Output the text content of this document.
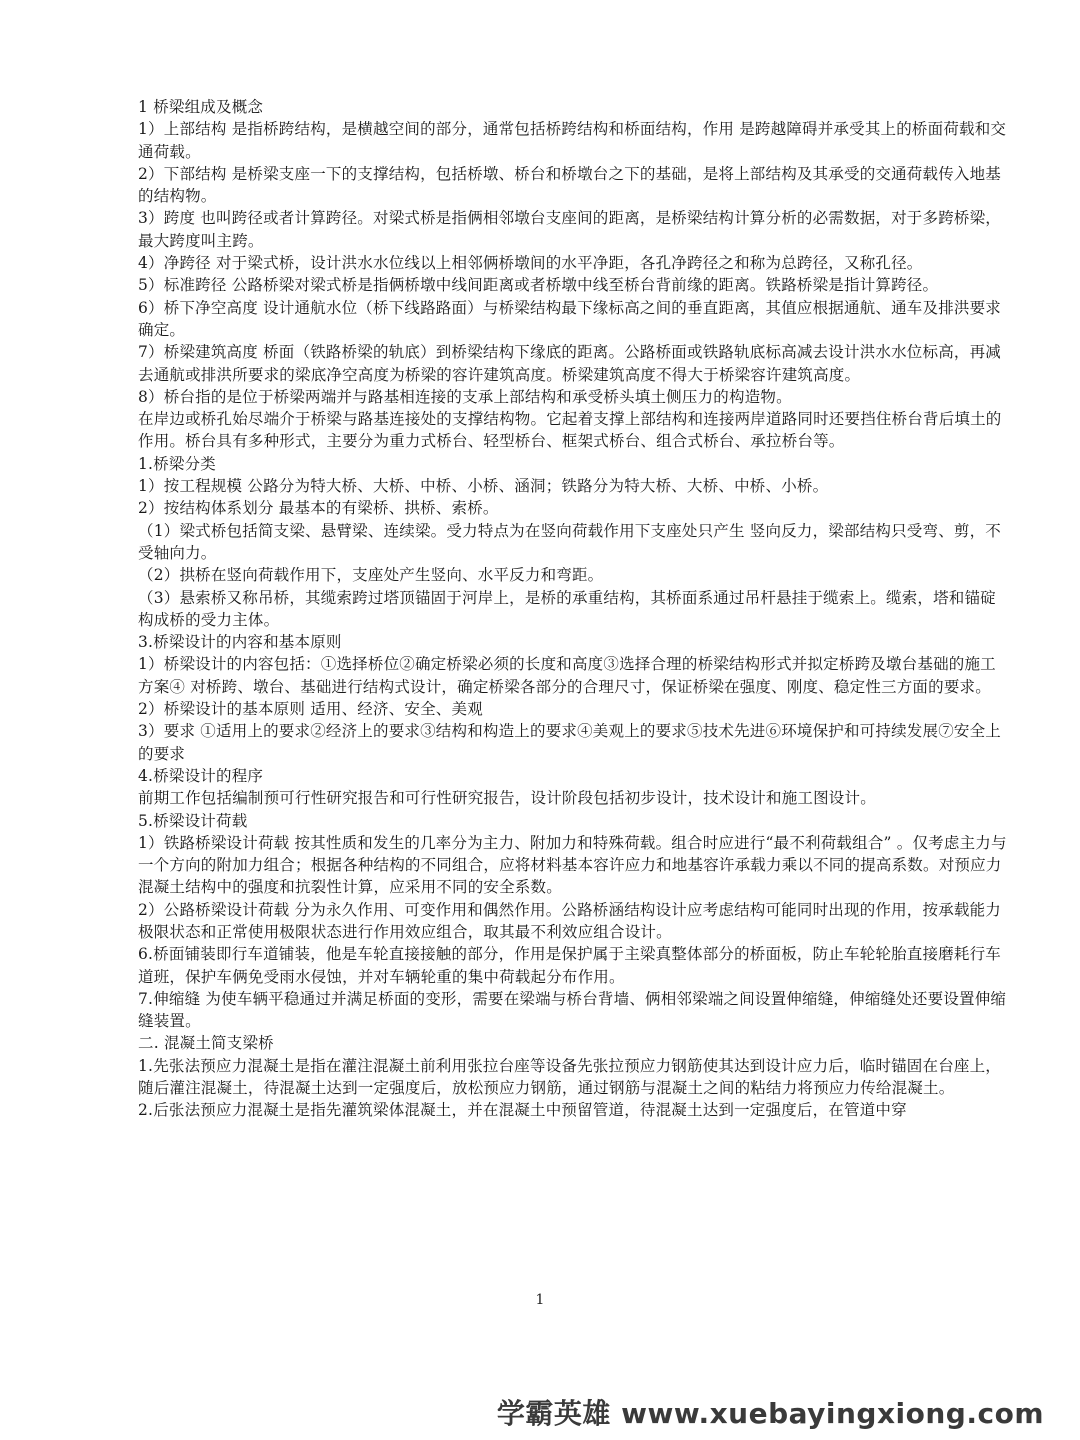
1 桥梁组成及概念

1）上部结构 是指桥跨结构，是横越空间的部分，通常包括桥跨结构和桥面结构，作用 是跨越障碍并承受其上的桥面荷载和交通荷载。

2）下部结构 是桥梁支座一下的支撑结构，包括桥墩、桥台和桥墩台之下的基础，是将上部结构及其承受的交通荷载传入地基的结构物。

3）跨度 也叫跨径或者计算跨径。对梁式桥是指俩相邻墩台支座间的距离，是桥梁结构计算分析的必需数据，对于多跨桥梁，最大跨度叫主跨。

4）净跨径 对于梁式桥，设计洪水水位线以上相邻俩桥墩间的水平净距，各孔净跨径之和称为总跨径，又称孔径。

5）标准跨径 公路桥梁对梁式桥是指俩桥墩中线间距离或者桥墩中线至桥台背前缘的距离。铁路桥梁是指计算跨径。

6）桥下净空高度 设计通航水位（桥下线路路面）与桥梁结构最下缘标高之间的垂直距离，其值应根据通航、通车及排洪要求确定。

7）桥梁建筑高度 桥面（铁路桥梁的轨底）到桥梁结构下缘底的距离。公路桥面或铁路轨底标高减去设计洪水水位标高，再减去通航或排洪所要求的梁底净空高度为桥梁的容许建筑高度。桥梁建筑高度不得大于桥梁容许建筑高度。

8）桥台指的是位于桥梁两端并与路基相连接的支承上部结构和承受桥头填土侧压力的构造物。

在岸边或桥孔始尽端介于桥梁与路基连接处的支撑结构物。它起着支撑上部结构和连接两岸道路同时还要挡住桥台背后填土的作用。桥台具有多种形式，主要分为重力式桥台、轻型桥台、框架式桥台、组合式桥台、承拉桥台等。

1.桥梁分类

1）按工程规模 公路分为特大桥、大桥、中桥、小桥、涵洞；铁路分为特大桥、大桥、中桥、小桥。

2）按结构体系划分 最基本的有梁桥、拱桥、索桥。

（1）梁式桥包括简支梁、悬臂梁、连续梁。受力特点为在竖向荷载作用下支座处只产生 竖向反力，梁部结构只受弯、剪，不受轴向力。

（2）拱桥在竖向荷载作用下，支座处产生竖向、水平反力和弯距。

（3）悬索桥又称吊桥，其缆索跨过塔顶锚固于河岸上，是桥的承重结构，其桥面系通过吊杆悬挂于缆索上。缆索，塔和锚碇构成桥的受力主体。

3.桥梁设计的内容和基本原则

1）桥梁设计的内容包括：①选择桥位②确定桥梁必须的长度和高度③选择合理的桥梁结构形式并拟定桥跨及墩台基础的施工方案④ 对桥跨、墩台、基础进行结构式设计，确定桥梁各部分的合理尺寸，保证桥梁在强度、刚度、稳定性三方面的要求。

2）桥梁设计的基本原则 适用、经济、安全、美观

3）要求 ①适用上的要求②经济上的要求③结构和构造上的要求④美观上的要求⑤技术先进⑥环境保护和可持续发展⑦安全上的要求

4.桥梁设计的程序

前期工作包括编制预可行性研究报告和可行性研究报告，设计阶段包括初步设计，技术设计和施工图设计。

5.桥梁设计荷载

1）铁路桥梁设计荷载 按其性质和发生的几率分为主力、附加力和特殊荷载。组合时应进行“最不利荷载组合” 。仅考虑主力与一个方向的附加力组合；根据各种结构的不同组合，应将材料基本容许应力和地基容许承载力乘以不同的提高系数。对预应力混凝土结构中的强度和抗裂性计算，应采用不同的安全系数。

2）公路桥梁设计荷载 分为永久作用、可变作用和偶然作用。公路桥涵结构设计应考虑结构可能同时出现的作用，按承载能力极限状态和正常使用极限状态进行作用效应组合，取其最不利效应组合设计。

6.桥面铺装即行车道铺装，他是车轮直接接触的部分，作用是保护属于主梁真整体部分的桥面板，防止车轮轮胎直接磨耗行车道班，保护车俩免受雨水侵蚀，并对车辆轮重的集中荷载起分布作用。

7.伸缩缝 为使车辆平稳通过并满足桥面的变形，需要在梁端与桥台背墙、俩相邻梁端之间设置伸缩缝，伸缩缝处还要设置伸缩缝装置。

二. 混凝土简支梁桥

1.先张法预应力混凝土是指在灌注混凝土前利用张拉台座等设备先张拉预应力钢筋使其达到设计应力后，临时锚固在台座上，随后灌注混凝土，待混凝土达到一定强度后，放松预应力钢筋，通过钢筋与混凝土之间的粘结力将预应力传给混凝土。

2.后张法预应力混凝土是指先灌筑梁体混凝土，并在混凝土中预留管道，待混凝土达到一定强度后，在管道中穿

1
学霸英雄 www.xuebayingxiong.com
